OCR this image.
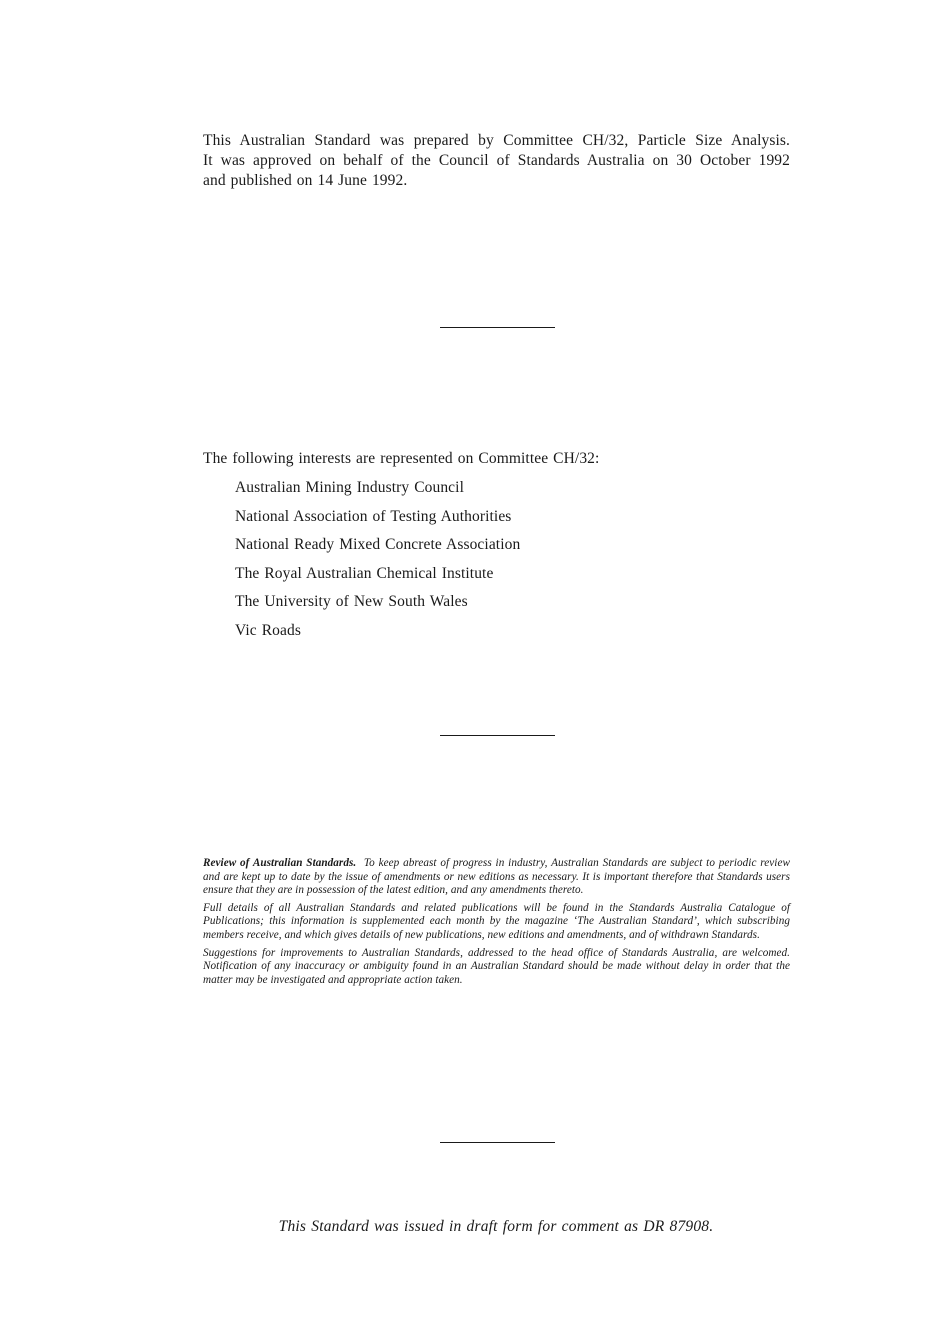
This Australian Standard was prepared by Committee CH/32, Particle Size Analysis.
It was approved on behalf of the Council of Standards Australia on 30 October 1992
and published on 14 June 1992.

The following interests are represented on Committee CH/32:

Australian Mining Industry Council
National Association of Testing Authorities
National Ready Mixed Concrete Association
The Royal Australian Chemical Institute
The University of New South Wales
Vic Roads

Review of Australian Standards. To keep abreast of progress in industry, Australian Standards are subject to periodic review and are kept up to date by the issue of amendments or new editions as necessary. It is important therefore that Standards users ensure that they are in possession of the latest edition, and any amendments thereto.

Full details of all Australian Standards and related publications will be found in the Standards Australia Catalogue of Publications; this information is supplemented each month by the magazine ‘The Australian Standard’, which subscribing members receive, and which gives details of new publications, new editions and amendments, and of withdrawn Standards.

Suggestions for improvements to Australian Standards, addressed to the head office of Standards Australia, are welcomed. Notification of any inaccuracy or ambiguity found in an Australian Standard should be made without delay in order that the matter may be investigated and appropriate action taken.

This Standard was issued in draft form for comment as DR 87908.
